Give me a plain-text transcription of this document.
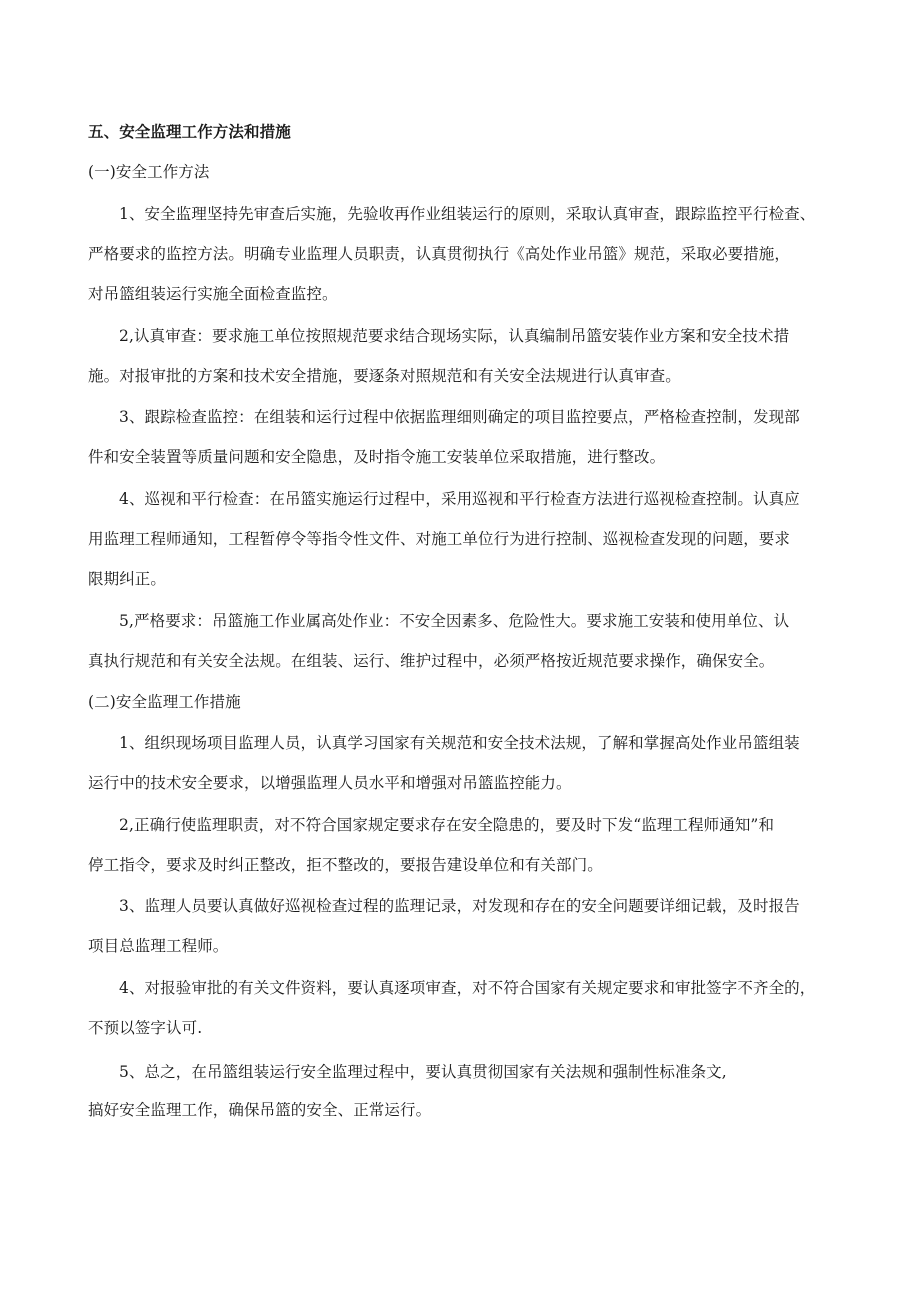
五、安全监理工作方法和措施

(一)安全工作方法

1、安全监理坚持先审查后实施，先验收再作业组装运行的原则，采取认真审查，跟踪监控平行检查、

严格要求的监控方法。明确专业监理人员职责，认真贯彻执行《高处作业吊篮》规范，采取必要措施，

对吊篮组装运行实施全面检查监控。

2,认真审查：要求施工单位按照规范要求结合现场实际，认真编制吊篮安装作业方案和安全技术措

施。对报审批的方案和技术安全措施，要逐条对照规范和有关安全法规进行认真审查。

3、跟踪检查监控：在组装和运行过程中依据监理细则确定的项目监控要点，严格检查控制，发现部

件和安全装置等质量问题和安全隐患，及时指令施工安装单位采取措施，进行整改。

4、巡视和平行检查：在吊篮实施运行过程中，采用巡视和平行检查方法进行巡视检查控制。认真应

用监理工程师通知，工程暂停令等指令性文件、对施工单位行为进行控制、巡视检查发现的问题，要求

限期纠正。

5,严格要求：吊篮施工作业属高处作业：不安全因素多、危险性大。要求施工安装和使用单位、认

真执行规范和有关安全法规。在组装、运行、维护过程中，必须严格按近规范要求操作，确保安全。

(二)安全监理工作措施

1、组织现场项目监理人员，认真学习国家有关规范和安全技术法规，了解和掌握高处作业吊篮组装

运行中的技术安全要求，以增强监理人员水平和增强对吊篮监控能力。

2,正确行使监理职责，对不符合国家规定要求存在安全隐患的，要及时下发“监理工程师通知”和

停工指令，要求及时纠正整改，拒不整改的，要报告建设单位和有关部门。

3、监理人员要认真做好巡视检查过程的监理记录，对发现和存在的安全问题要详细记载，及时报告

项目总监理工程师。

4、对报验审批的有关文件资料，要认真逐项审查，对不符合国家有关规定要求和审批签字不齐全的，

不预以签字认可.

5、总之，在吊篮组装运行安全监理过程中，要认真贯彻国家有关法规和强制性标准条文,

搞好安全监理工作，确保吊篮的安全、正常运行。
